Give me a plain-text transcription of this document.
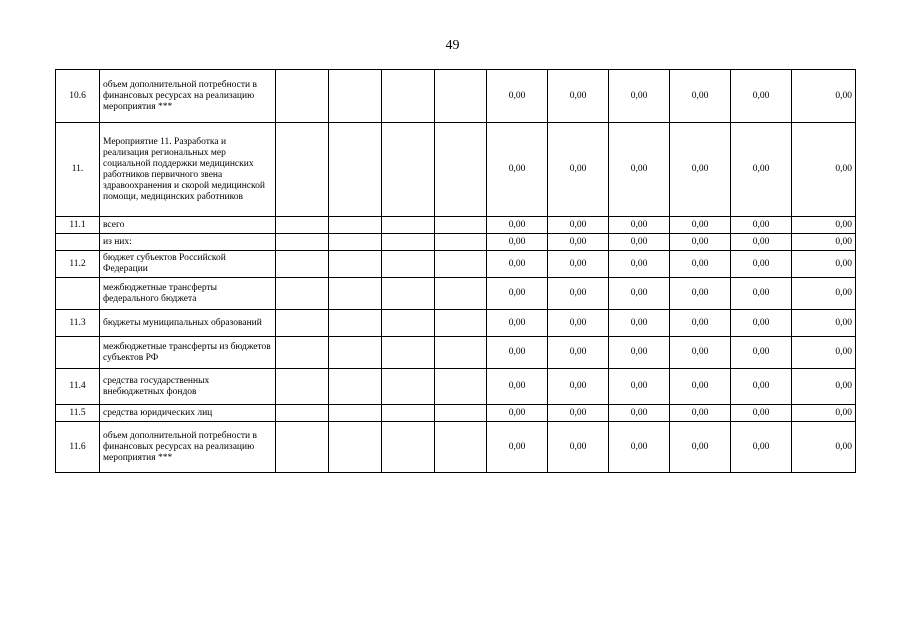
49
10.6	объем дополнительной потребности в финансовых ресурсах на реализацию мероприятия ***					0,00	0,00	0,00	0,00	0,00	0,00
11.	Мероприятие 11. Разработка и реализация региональных мер социальной поддержки медицинских работников первичного звена здравоохранения и скорой медицинской помощи, медицинских работников					0,00	0,00	0,00	0,00	0,00	0,00
11.1	всего					0,00	0,00	0,00	0,00	0,00	0,00
	из них:					0,00	0,00	0,00	0,00	0,00	0,00
11.2	бюджет субъектов Российской Федерации					0,00	0,00	0,00	0,00	0,00	0,00
	межбюджетные трансферты федерального бюджета					0,00	0,00	0,00	0,00	0,00	0,00
11.3	бюджеты муниципальных образований					0,00	0,00	0,00	0,00	0,00	0,00
	межбюджетные трансферты из бюджетов субъектов РФ					0,00	0,00	0,00	0,00	0,00	0,00
11.4	средства государственных внебюджетных фондов					0,00	0,00	0,00	0,00	0,00	0,00
11.5	средства юридических лиц					0,00	0,00	0,00	0,00	0,00	0,00
11.6	объем дополнительной потребности в финансовых ресурсах на реализацию мероприятия ***					0,00	0,00	0,00	0,00	0,00	0,00
